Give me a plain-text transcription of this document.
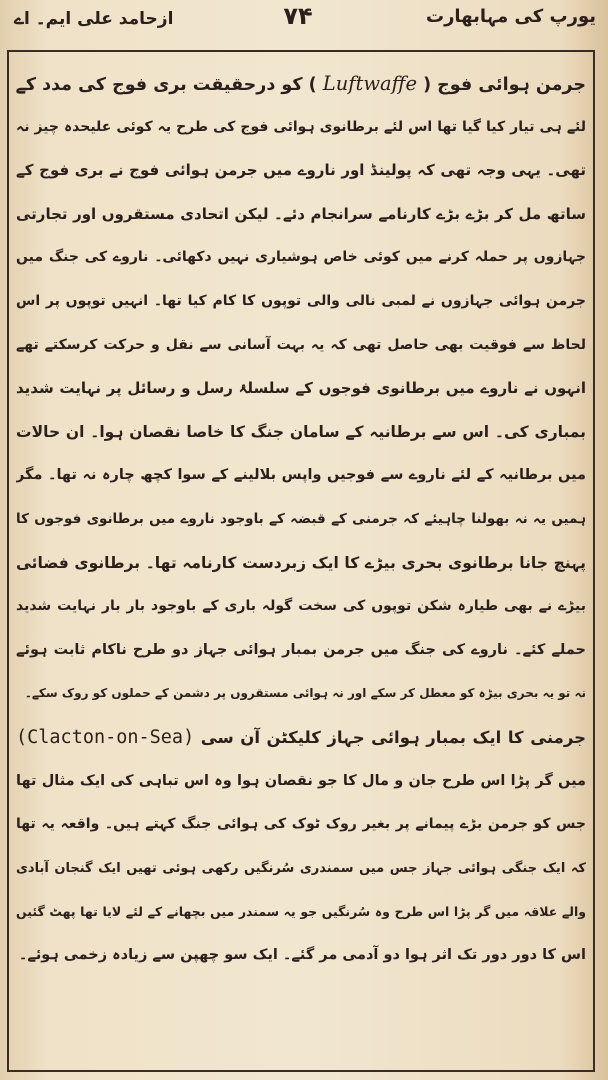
ازحامد علی ایم۔ اے	۷۴	یورپ کی مہابھارت
جرمن ہوائی فوج ( Luftwaffe ) کو درحقیقت بری فوج کی مدد کے
لئے ہی تیار کیا گیا تھا اس لئے برطانوی ہوائی فوج کی طرح یہ کوئی علیحدہ چیز نہ
تھی۔ یہی وجہ تھی کہ پولینڈ اور ناروے میں جرمن ہوائی فوج نے بری فوج کے
ساتھ مل کر بڑے بڑے کارنامے سرانجام دئے۔ لیکن اتحادی مستقروں اور تجارتی
جہازوں پر حملہ کرنے میں کوئی خاص ہوشیاری نہیں دکھائی۔ ناروے کی جنگ میں
جرمن ہوائی جہازوں نے لمبی نالی والی توپوں کا کام کیا تھا۔ انہیں توپوں پر اس
لحاظ سے فوقیت بھی حاصل تھی کہ یہ بہت آسانی سے نقل و حرکت کرسکتے تھے
انہوں نے ناروے میں برطانوی فوجوں کے سلسلۂ رسل و رسائل پر نہایت شدید
بمباری کی۔ اس سے برطانیہ کے سامان جنگ کا خاصا نقصان ہوا۔ ان حالات
میں برطانیہ کے لئے ناروے سے فوجیں واپس بلالینے کے سوا کچھ چارہ نہ تھا۔ مگر
ہمیں یہ نہ بھولنا چاہیئے کہ جرمنی کے قبضہ کے باوجود ناروے میں برطانوی فوجوں کا
پہنچ جانا برطانوی بحری بیڑے کا ایک زبردست کارنامہ تھا۔ برطانوی فضائی
بیڑے نے بھی طیارہ شکن توپوں کی سخت گولہ باری کے باوجود بار بار نہایت شدید
حملے کئے۔ ناروے کی جنگ میں جرمن بمبار ہوائی جہاز دو طرح ناکام ثابت ہوئے
نہ تو یہ بحری بیڑہ کو معطل کر سکے اور نہ ہوائی مستقروں پر دشمن کے حملوں کو روک سکے۔
جرمنی کا ایک بمبار ہوائی جہاز کلیکٹن آن سی (Clacton-on-Sea)
میں گر پڑا اس طرح جان و مال کا جو نقصان ہوا وہ اس تباہی کی ایک مثال تھا
جس کو جرمن بڑے پیمانے پر بغیر روک ٹوک کی ہوائی جنگ کہتے ہیں۔ واقعہ یہ تھا
کہ ایک جنگی ہوائی جہاز جس میں سمندری سُرنگیں رکھی ہوئی تھیں ایک گنجان آبادی
والے علاقہ میں گر پڑا اس طرح وہ سُرنگیں جو یہ سمندر میں بچھانے کے لئے لایا تھا پھٹ گئیں
اس کا دور دور تک اثر ہوا دو آدمی مر گئے۔ ایک سو چھپن سے زیادہ زخمی ہوئے۔
